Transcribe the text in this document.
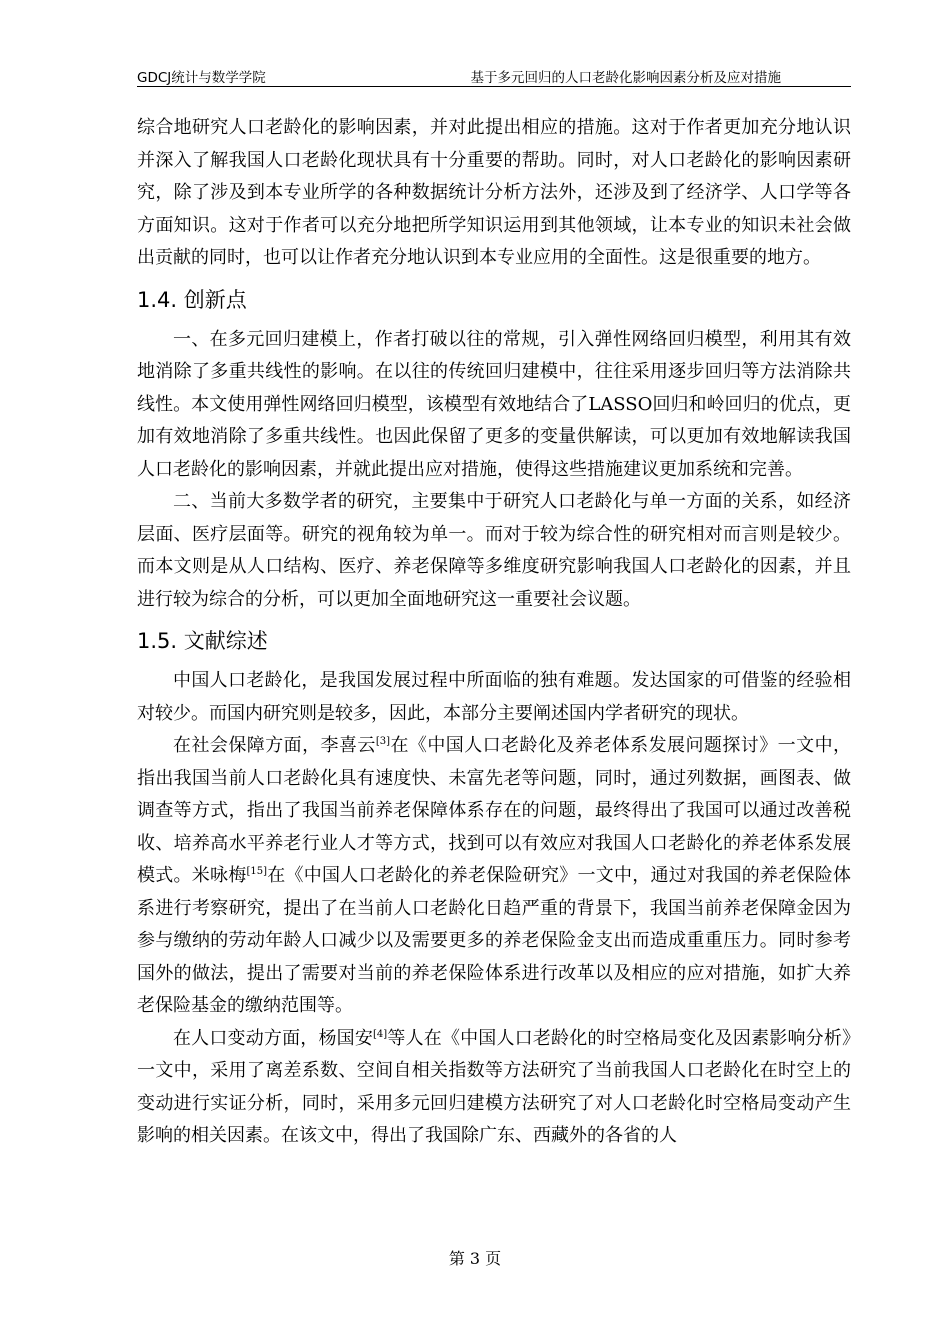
GDCJ统计与数学学院	基于多元回归的人口老龄化影响因素分析及应对措施

综合地研究人口老龄化的影响因素，并对此提出相应的措施。这对于作者更加充分地认识并深入了解我国人口老龄化现状具有十分重要的帮助。同时，对人口老龄化的影响因素研究，除了涉及到本专业所学的各种数据统计分析方法外，还涉及到了经济学、人口学等各方面知识。这对于作者可以充分地把所学知识运用到其他领域，让本专业的知识未社会做出贡献的同时，也可以让作者充分地认识到本专业应用的全面性。这是很重要的地方。

1.4. 创新点

一、在多元回归建模上，作者打破以往的常规，引入弹性网络回归模型，利用其有效地消除了多重共线性的影响。在以往的传统回归建模中，往往采用逐步回归等方法消除共线性。本文使用弹性网络回归模型，该模型有效地结合了LASSO回归和岭回归的优点，更加有效地消除了多重共线性。也因此保留了更多的变量供解读，可以更加有效地解读我国人口老龄化的影响因素，并就此提出应对措施，使得这些措施建议更加系统和完善。

二、当前大多数学者的研究，主要集中于研究人口老龄化与单一方面的关系，如经济层面、医疗层面等。研究的视角较为单一。而对于较为综合性的研究相对而言则是较少。而本文则是从人口结构、医疗、养老保障等多维度研究影响我国人口老龄化的因素，并且进行较为综合的分析，可以更加全面地研究这一重要社会议题。

1.5. 文献综述

中国人口老龄化，是我国发展过程中所面临的独有难题。发达国家的可借鉴的经验相对较少。而国内研究则是较多，因此，本部分主要阐述国内学者研究的现状。

在社会保障方面，李喜云[3]在《中国人口老龄化及养老体系发展问题探讨》一文中，指出我国当前人口老龄化具有速度快、未富先老等问题，同时，通过列数据，画图表、做调查等方式，指出了我国当前养老保障体系存在的问题，最终得出了我国可以通过改善税收、培养高水平养老行业人才等方式，找到可以有效应对我国人口老龄化的养老体系发展模式。米咏梅[15]在《中国人口老龄化的养老保险研究》一文中，通过对我国的养老保险体系进行考察研究，提出了在当前人口老龄化日趋严重的背景下，我国当前养老保障金因为参与缴纳的劳动年龄人口减少以及需要更多的养老保险金支出而造成重重压力。同时参考国外的做法，提出了需要对当前的养老保险体系进行改革以及相应的应对措施，如扩大养老保险基金的缴纳范围等。

在人口变动方面，杨国安[4]等人在《中国人口老龄化的时空格局变化及因素影响分析》一文中，采用了离差系数、空间自相关指数等方法研究了当前我国人口老龄化在时空上的变动进行实证分析，同时，采用多元回归建模方法研究了对人口老龄化时空格局变动产生影响的相关因素。在该文中，得出了我国除广东、西藏外的各省的人

第 3 页
